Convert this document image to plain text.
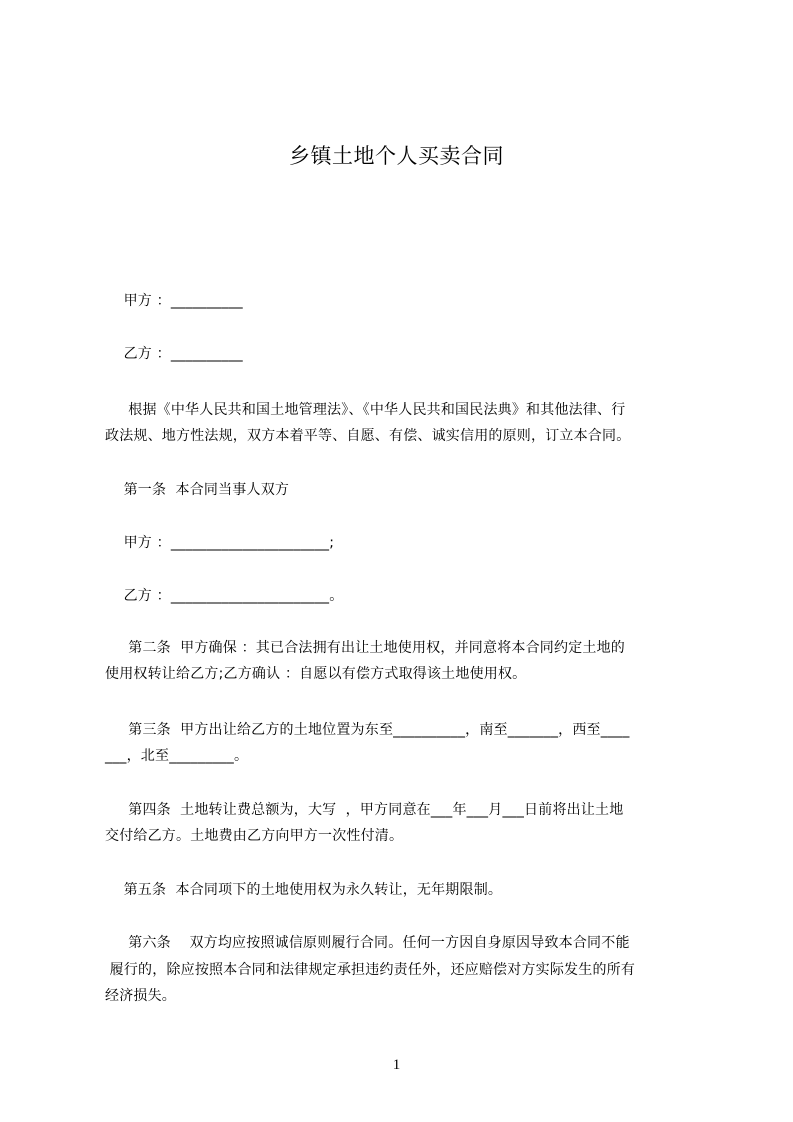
乡镇土地个人买卖合同
甲方 ：__________
乙方 ：__________
根据《中华人民共和国土地管理法》、《中华人民共和国民法典》和其他法律、行
政法规、地方性法规，双方本着平等、自愿、有偿、诚实信用的原则，订立本合同。
第一条  本合同当事人双方
甲方 ：______________________;
乙方 ：______________________。
第二条  甲方确保 ：其已合法拥有出让土地使用权，并同意将本合同约定土地的
使用权转让给乙方;乙方确认 ：自愿以有偿方式取得该土地使用权。
第三条  甲方出让给乙方的土地位置为东至__________，南至_______，西至____
___，北至_________。
第四条  土地转让费总额为，大写  ，甲方同意在___年___月___日前将出让土地
交付给乙方。土地费由乙方向甲方一次性付清。
第五条  本合同项下的土地使用权为永久转让，无年期限制。
第六条    双方均应按照诚信原则履行合同。任何一方因自身原因导致本合同不能
履行的，除应按照本合同和法律规定承担违约责任外，还应赔偿对方实际发生的所有
经济损失。
1
